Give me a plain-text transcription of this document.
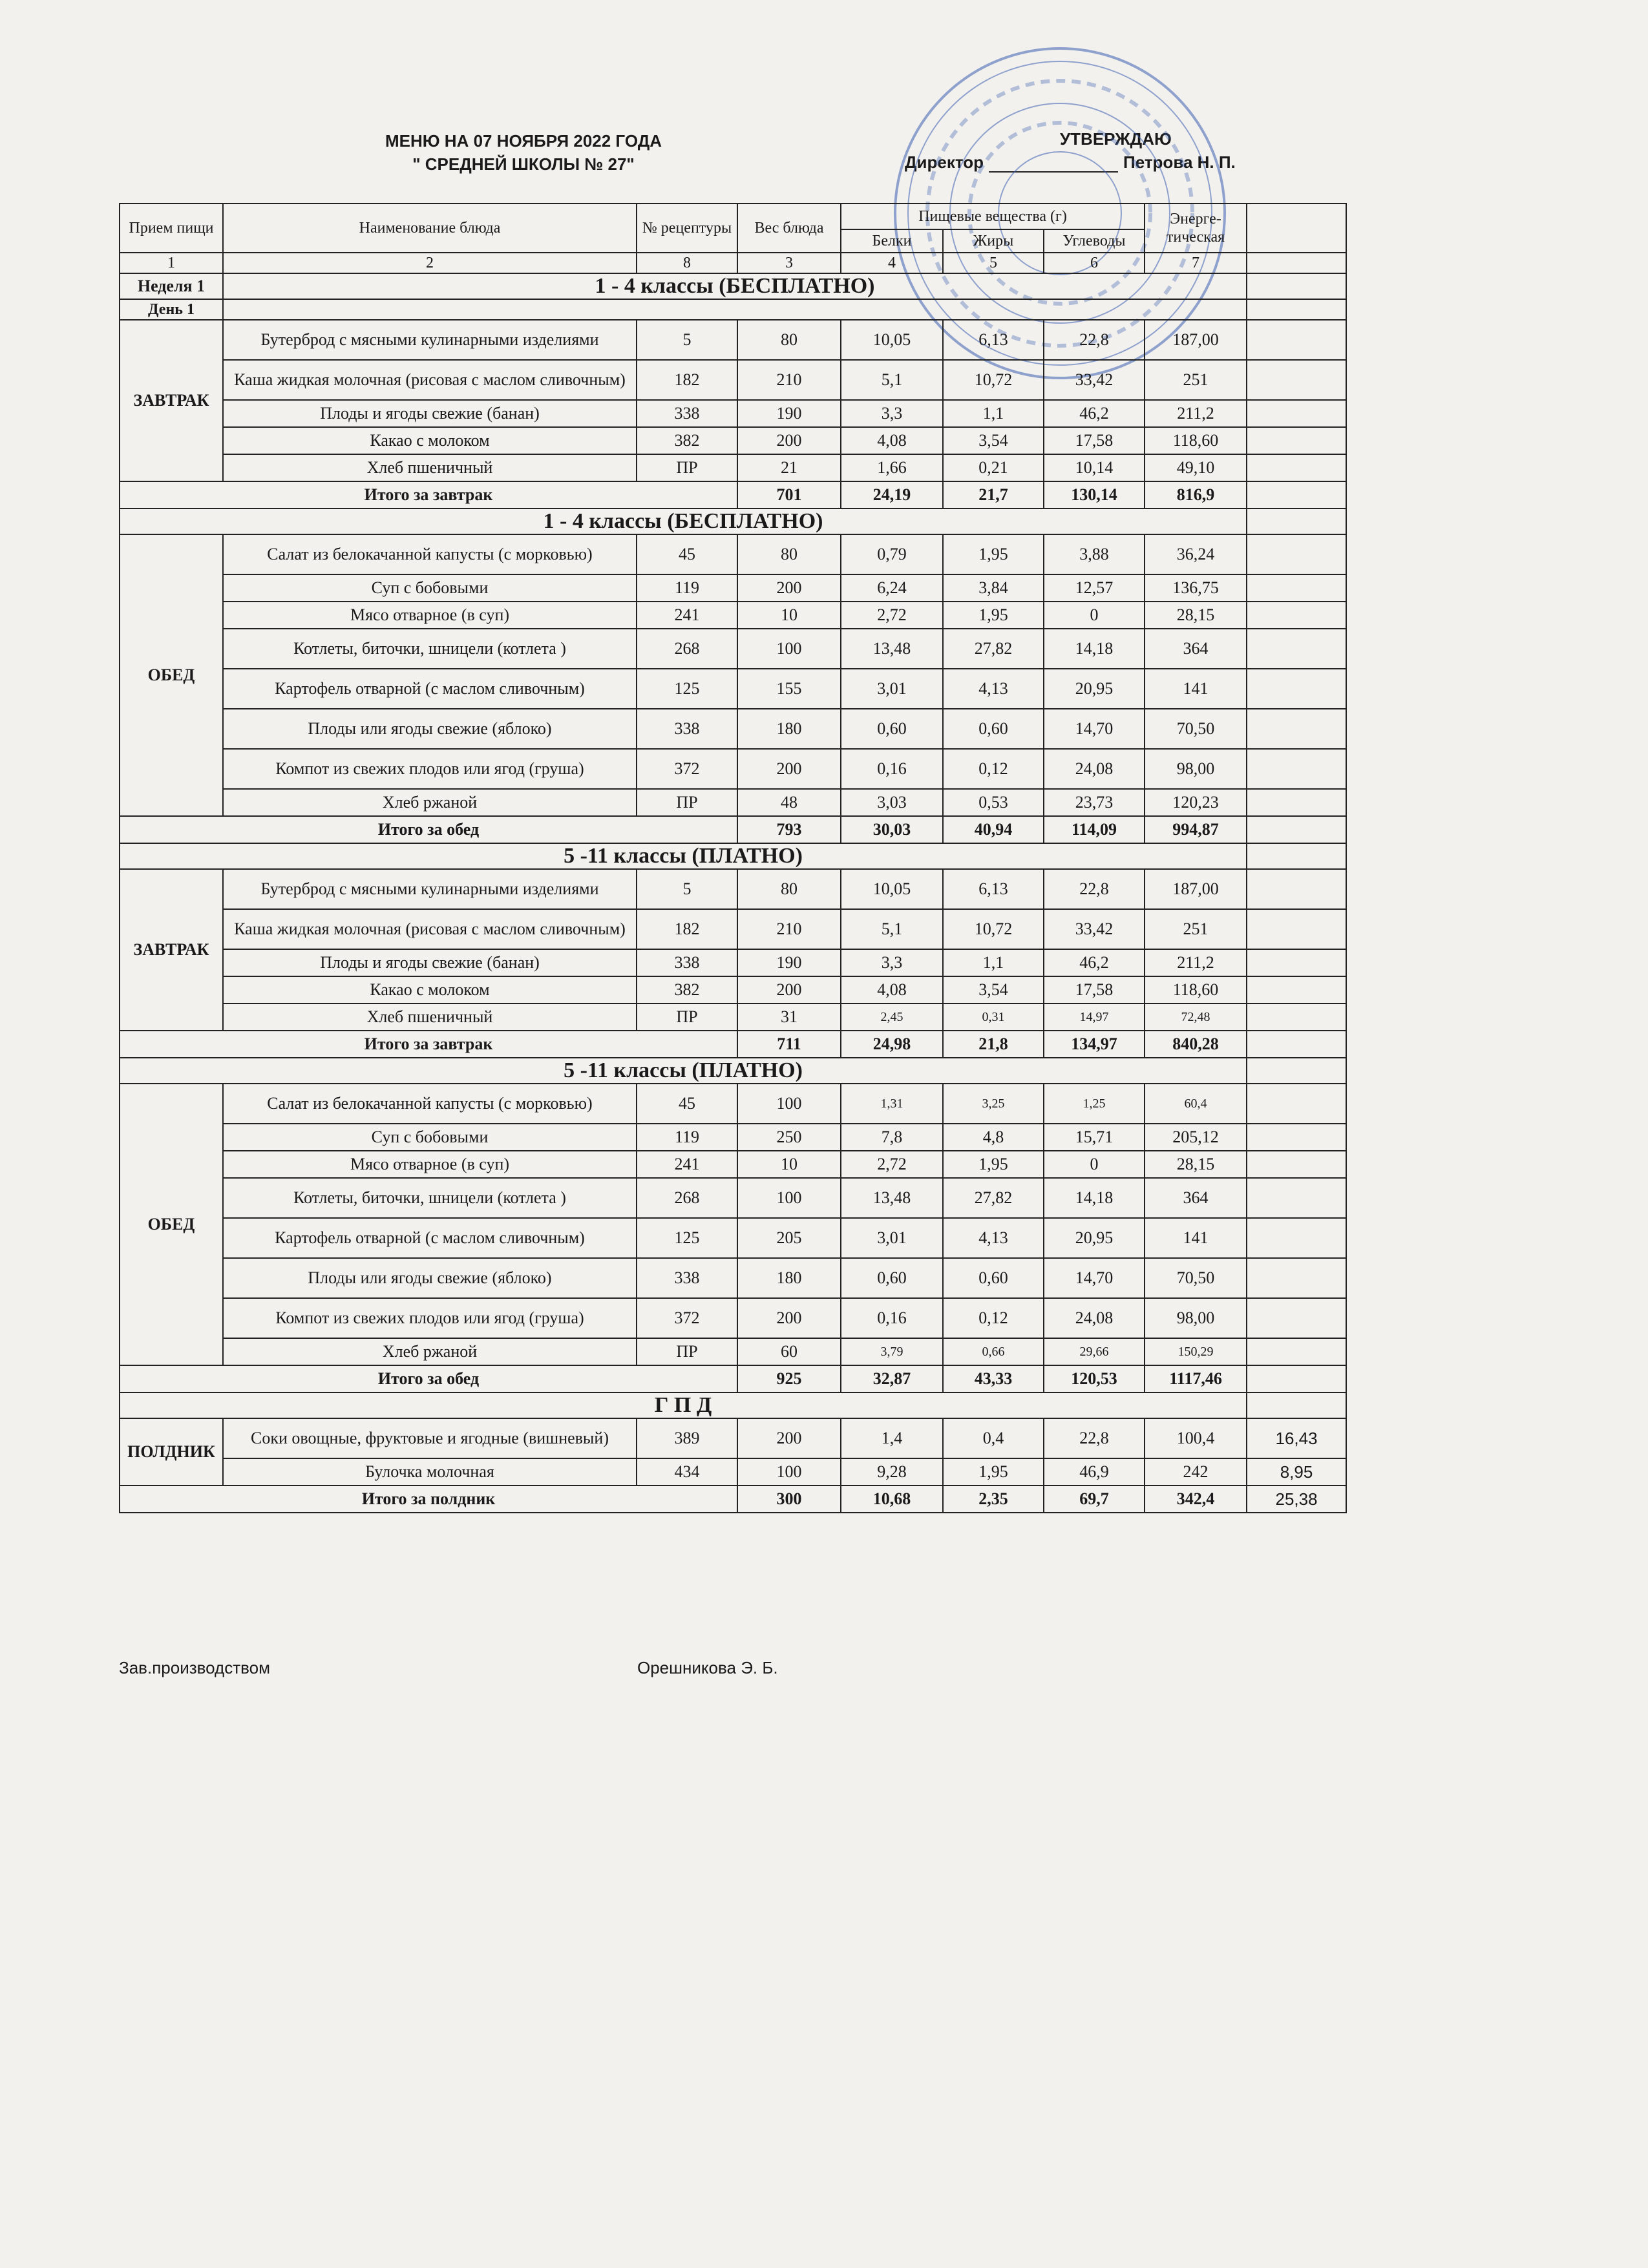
МЕНЮ НА 07 НОЯБРЯ 2022 ГОДА
" СРЕДНЕЙ ШКОЛЫ № 27"
УТВЕРЖДАЮ
Директор	Петрова Н. П.
Прием пищи	Наименование блюда	№ рецептуры	Вес блюда	Пищевые вещества (г)			Энерге-тическая	
				Белки	Жиры	Углеводы		
1	2	8	3	4	5	6	7	
Неделя 1	1 - 4 классы (БЕСПЛАТНО)							
День 1								
ЗАВТРАК	Бутерброд с мясными кулинарными изделиями	5	80	10,05	6,13	22,8	187,00	
	Каша жидкая молочная (рисовая с маслом сливочным)	182	210	5,1	10,72	33,42	251	
	Плоды и ягоды свежие (банан)	338	190	3,3	1,1	46,2	211,2	
	Какао с молоком	382	200	4,08	3,54	17,58	118,60	
	Хлеб пшеничный	ПР	21	1,66	0,21	10,14	49,10	
Итого за завтрак			701	24,19	21,7	130,14	816,9	
1 - 4 классы (БЕСПЛАТНО)								
ОБЕД	Салат из белокачанной капусты (с морковью)	45	80	0,79	1,95	3,88	36,24	
	Суп с бобовыми	119	200	6,24	3,84	12,57	136,75	
	Мясо отварное (в суп)	241	10	2,72	1,95	0	28,15	
	Котлеты, биточки, шницели (котлета )	268	100	13,48	27,82	14,18	364	
	Картофель отварной (с маслом сливочным)	125	155	3,01	4,13	20,95	141	
	Плоды или ягоды свежие (яблоко)	338	180	0,60	0,60	14,70	70,50	
	Компот из свежих плодов или ягод (груша)	372	200	0,16	0,12	24,08	98,00	
	Хлеб ржаной	ПР	48	3,03	0,53	23,73	120,23	
Итого за обед			793	30,03	40,94	114,09	994,87	
5 -11 классы (ПЛАТНО)								
ЗАВТРАК	Бутерброд с мясными кулинарными изделиями	5	80	10,05	6,13	22,8	187,00	
	Каша жидкая молочная (рисовая с маслом сливочным)	182	210	5,1	10,72	33,42	251	
	Плоды и ягоды свежие (банан)	338	190	3,3	1,1	46,2	211,2	
	Какао с молоком	382	200	4,08	3,54	17,58	118,60	
	Хлеб пшеничный	ПР	31	2,45	0,31	14,97	72,48	
Итого за завтрак			711	24,98	21,8	134,97	840,28	
5 -11 классы (ПЛАТНО)								
ОБЕД	Салат из белокачанной капусты (с морковью)	45	100	1,31	3,25	1,25	60,4	
	Суп с бобовыми	119	250	7,8	4,8	15,71	205,12	
	Мясо отварное (в суп)	241	10	2,72	1,95	0	28,15	
	Котлеты, биточки, шницели (котлета )	268	100	13,48	27,82	14,18	364	
	Картофель отварной (с маслом сливочным)	125	205	3,01	4,13	20,95	141	
	Плоды или ягоды свежие (яблоко)	338	180	0,60	0,60	14,70	70,50	
	Компот из свежих плодов или ягод (груша)	372	200	0,16	0,12	24,08	98,00	
	Хлеб ржаной	ПР	60	3,79	0,66	29,66	150,29	
Итого за обед			925	32,87	43,33	120,53	1117,46	
Г П Д								
ПОЛДНИК	Соки овощные, фруктовые и ягодные (вишневый)	389	200	1,4	0,4	22,8	100,4	16,43
	Булочка молочная	434	100	9,28	1,95	46,9	242	8,95
Итого за полдник			300	10,68	2,35	69,7	342,4	25,38
Зав.производством	Орешникова Э. Б.
